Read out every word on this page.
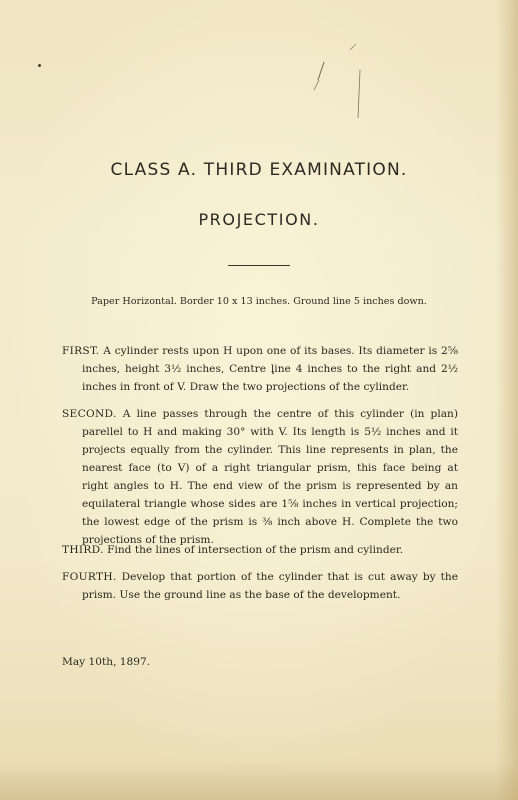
CLASS A. THIRD EXAMINATION.
PROJECTION.
Paper Horizontal. Border 10 x 13 inches. Ground line 5 inches down.
FIRST. A cylinder rests upon H upon one of its bases. Its diameter is 2⅝
inches, height 3½ inches, Centre line 4 inches to the right and 2½
inches in front of V. Draw the two projections of the cylinder.
SECOND. A line passes through the centre of this cylinder (in plan)
parellel to H and making 30° with V. Its length is 5½ inches and it
projects equally from the cylinder. This line represents in plan, the
nearest face (to V) of a right triangular prism, this face being at
right angles to H. The end view of the prism is represented by an
equilateral triangle whose sides are 1⅝ inches in vertical projection;
the lowest edge of the prism is ⅜ inch above H. Complete the two
projections of the prism.
THIRD. Find the lines of intersection of the prism and cylinder.
FOURTH. Develop that portion of the cylinder that is cut away by the
prism. Use the ground line as the base of the development.
May 10th, 1897.
